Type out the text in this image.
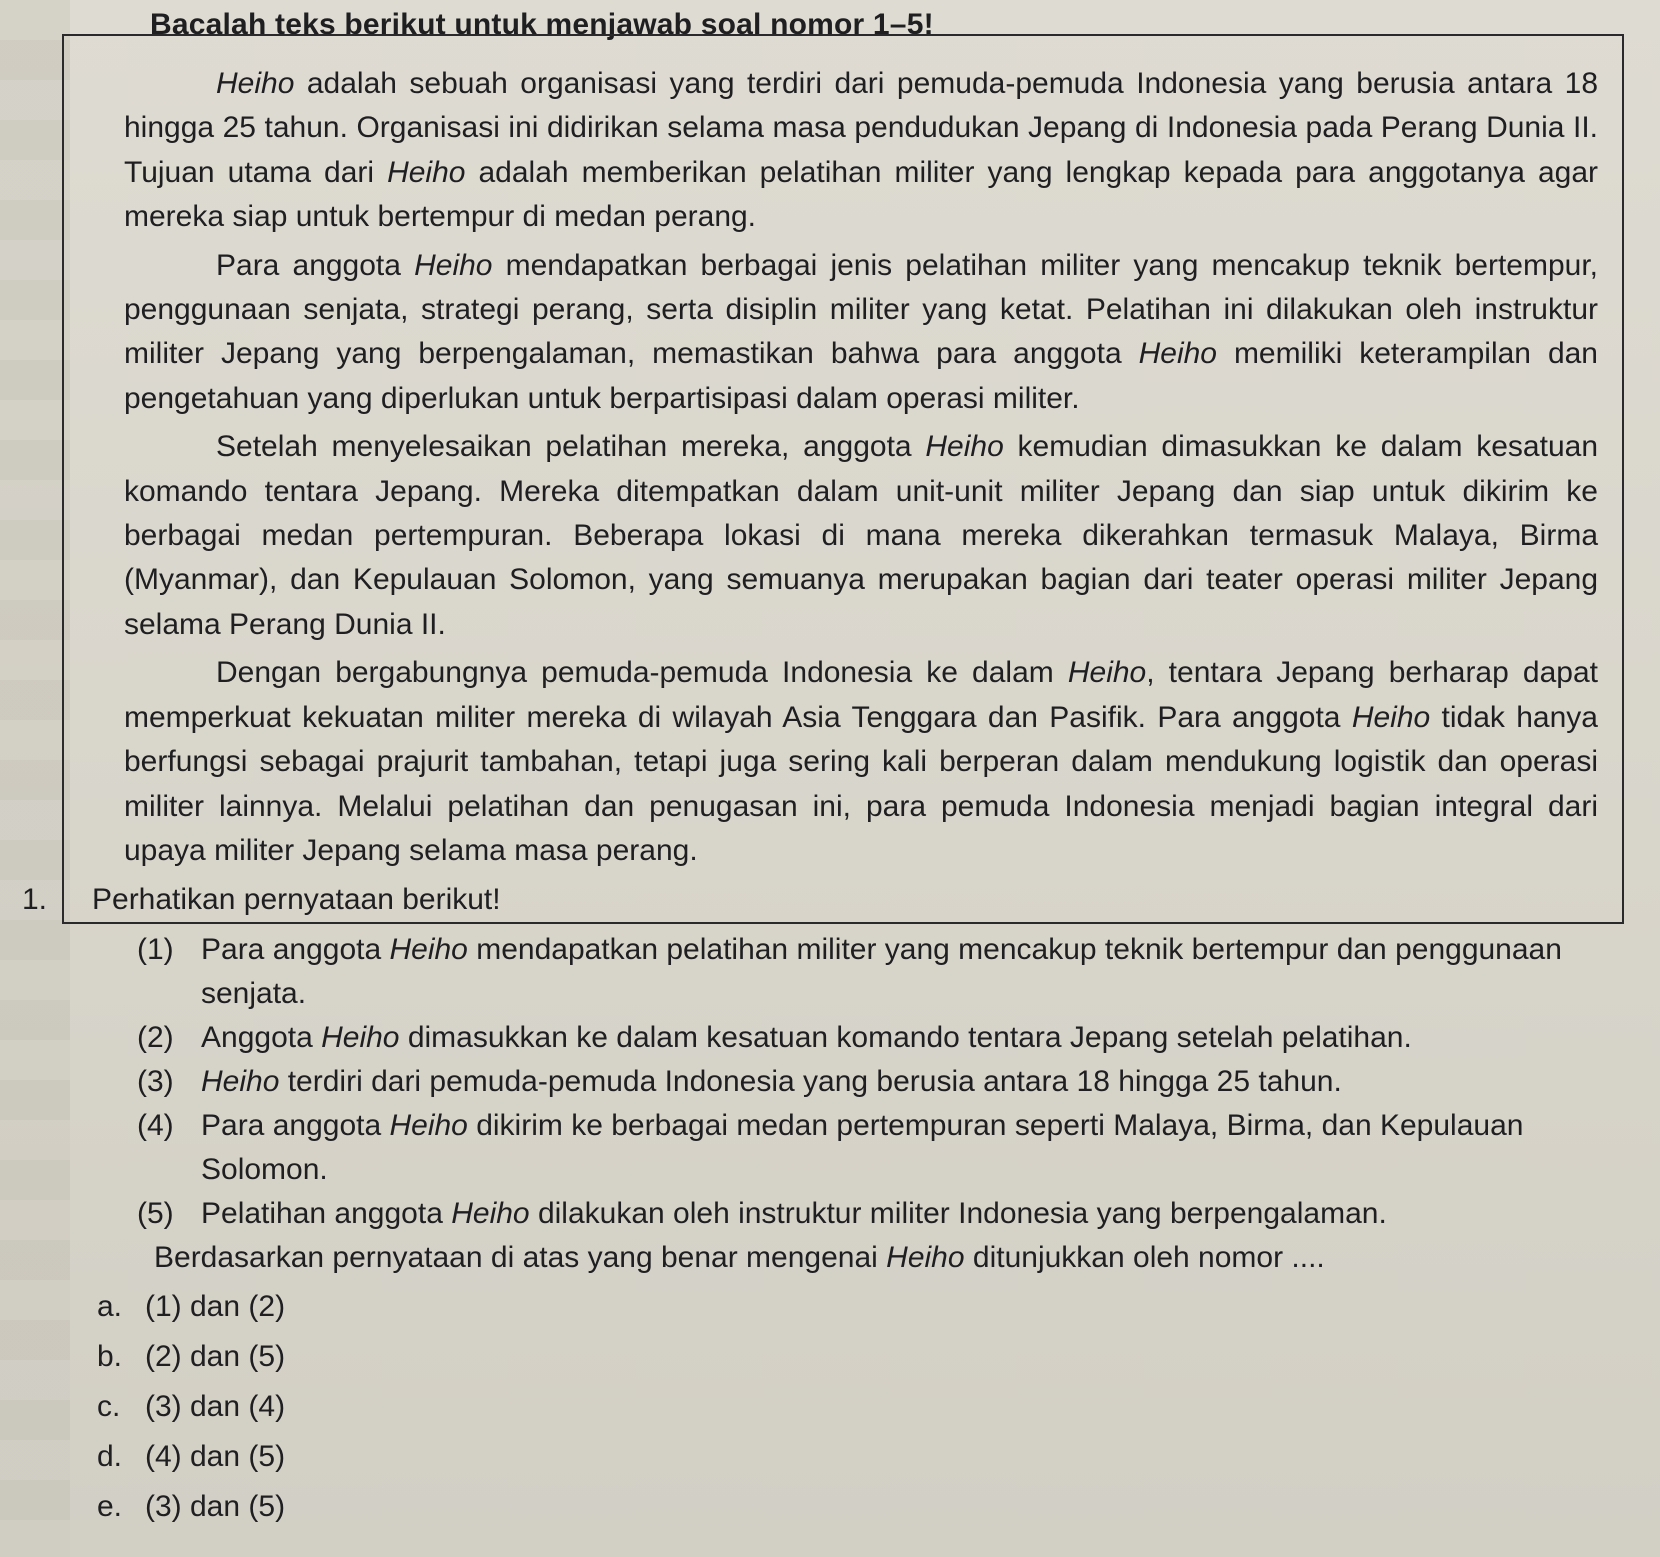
Bacalah teks berikut untuk menjawab soal nomor 1–5!

Heiho adalah sebuah organisasi yang terdiri dari pemuda-pemuda Indonesia yang berusia antara 18 hingga 25 tahun. Organisasi ini didirikan selama masa pendudukan Jepang di Indonesia pada Perang Dunia II. Tujuan utama dari Heiho adalah memberikan pelatihan militer yang lengkap kepada para anggotanya agar mereka siap untuk bertempur di medan perang.

Para anggota Heiho mendapatkan berbagai jenis pelatihan militer yang mencakup teknik bertempur, penggunaan senjata, strategi perang, serta disiplin militer yang ketat. Pelatihan ini dilakukan oleh instruktur militer Jepang yang berpengalaman, memastikan bahwa para anggota Heiho memiliki keterampilan dan pengetahuan yang diperlukan untuk berpartisipasi dalam operasi militer.

Setelah menyelesaikan pelatihan mereka, anggota Heiho kemudian dimasukkan ke dalam kesatuan komando tentara Jepang. Mereka ditempatkan dalam unit-unit militer Jepang dan siap untuk dikirim ke berbagai medan pertempuran. Beberapa lokasi di mana mereka dikerahkan termasuk Malaya, Birma (Myanmar), dan Kepulauan Solomon, yang semuanya merupakan bagian dari teater operasi militer Jepang selama Perang Dunia II.

Dengan bergabungnya pemuda-pemuda Indonesia ke dalam Heiho, tentara Jepang berharap dapat memperkuat kekuatan militer mereka di wilayah Asia Tenggara dan Pasifik. Para anggota Heiho tidak hanya berfungsi sebagai prajurit tambahan, tetapi juga sering kali berperan dalam mendukung logistik dan operasi militer lainnya. Melalui pelatihan dan penugasan ini, para pemuda Indonesia menjadi bagian integral dari upaya militer Jepang selama masa perang.

1.	Perhatikan pernyataan berikut!
(1) Para anggota Heiho mendapatkan pelatihan militer yang mencakup teknik bertempur dan penggunaan senjata.
(2) Anggota Heiho dimasukkan ke dalam kesatuan komando tentara Jepang setelah pelatihan.
(3) Heiho terdiri dari pemuda-pemuda Indonesia yang berusia antara 18 hingga 25 tahun.
(4) Para anggota Heiho dikirim ke berbagai medan pertempuran seperti Malaya, Birma, dan Kepulauan Solomon.
(5) Pelatihan anggota Heiho dilakukan oleh instruktur militer Indonesia yang berpengalaman.
Berdasarkan pernyataan di atas yang benar mengenai Heiho ditunjukkan oleh nomor ....
a. (1) dan (2)
b. (2) dan (5)
c. (3) dan (4)
d. (4) dan (5)
e. (3) dan (5)
